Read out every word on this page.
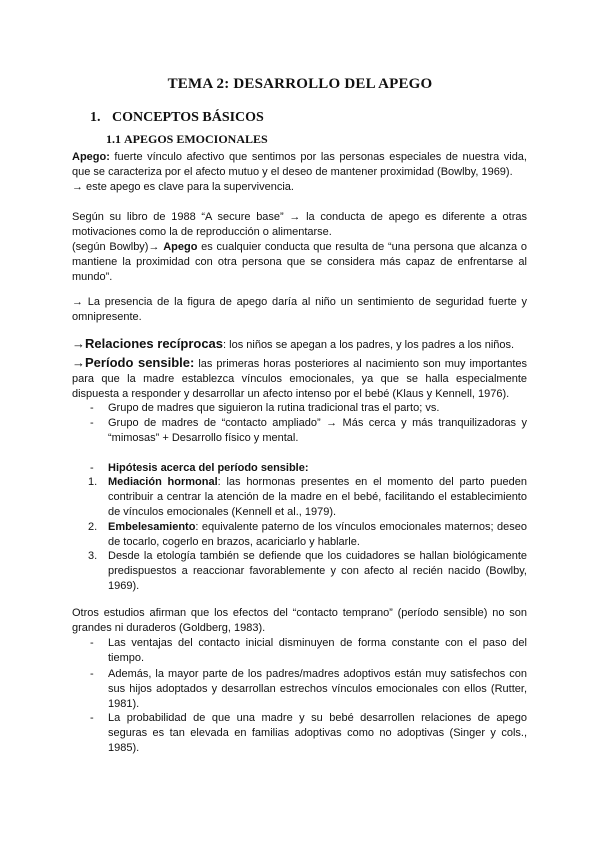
TEMA 2: DESARROLLO DEL APEGO
1. CONCEPTOS BÁSICOS
1.1 APEGOS EMOCIONALES
Apego: fuerte vínculo afectivo que sentimos por las personas especiales de nuestra vida, que se caracteriza por el afecto mutuo y el deseo de mantener proximidad (Bowlby, 1969).
→ este apego es clave para la supervivencia.
Según su libro de 1988 “A secure base” → la conducta de apego es diferente a otras motivaciones como la de reproducción o alimentarse.
(según Bowlby)→ Apego es cualquier conducta que resulta de “una persona que alcanza o mantiene la proximidad con otra persona que se considera más capaz de enfrentarse al mundo”.
→ La presencia de la figura de apego daría al niño un sentimiento de seguridad fuerte y omnipresente.
→Relaciones recíprocas: los niños se apegan a los padres, y los padres a los niños.
→Período sensible: las primeras horas posteriores al nacimiento son muy importantes para que la madre establezca vínculos emocionales, ya que se halla especialmente dispuesta a responder y desarrollar un afecto intenso por el bebé (Klaus y Kennell, 1976).
- Grupo de madres que siguieron la rutina tradicional tras el parto; vs.
- Grupo de madres de “contacto ampliado” → Más cerca y más tranquilizadoras y “mimosas” + Desarrollo físico y mental.
- Hipótesis acerca del período sensible:
1. Mediación hormonal: las hormonas presentes en el momento del parto pueden contribuir a centrar la atención de la madre en el bebé, facilitando el establecimiento de vínculos emocionales (Kennell et al., 1979).
2. Embelesamiento: equivalente paterno de los vínculos emocionales maternos; deseo de tocarlo, cogerlo en brazos, acariciarlo y hablarle.
3. Desde la etología también se defiende que los cuidadores se hallan biológicamente predispuestos a reaccionar favorablemente y con afecto al recién nacido (Bowlby, 1969).
Otros estudios afirman que los efectos del “contacto temprano” (período sensible) no son grandes ni duraderos (Goldberg, 1983).
- Las ventajas del contacto inicial disminuyen de forma constante con el paso del tiempo.
- Además, la mayor parte de los padres/madres adoptivos están muy satisfechos con sus hijos adoptados y desarrollan estrechos vínculos emocionales con ellos (Rutter, 1981).
- La probabilidad de que una madre y su bebé desarrollen relaciones de apego seguras es tan elevada en familias adoptivas como no adoptivas (Singer y cols., 1985).
